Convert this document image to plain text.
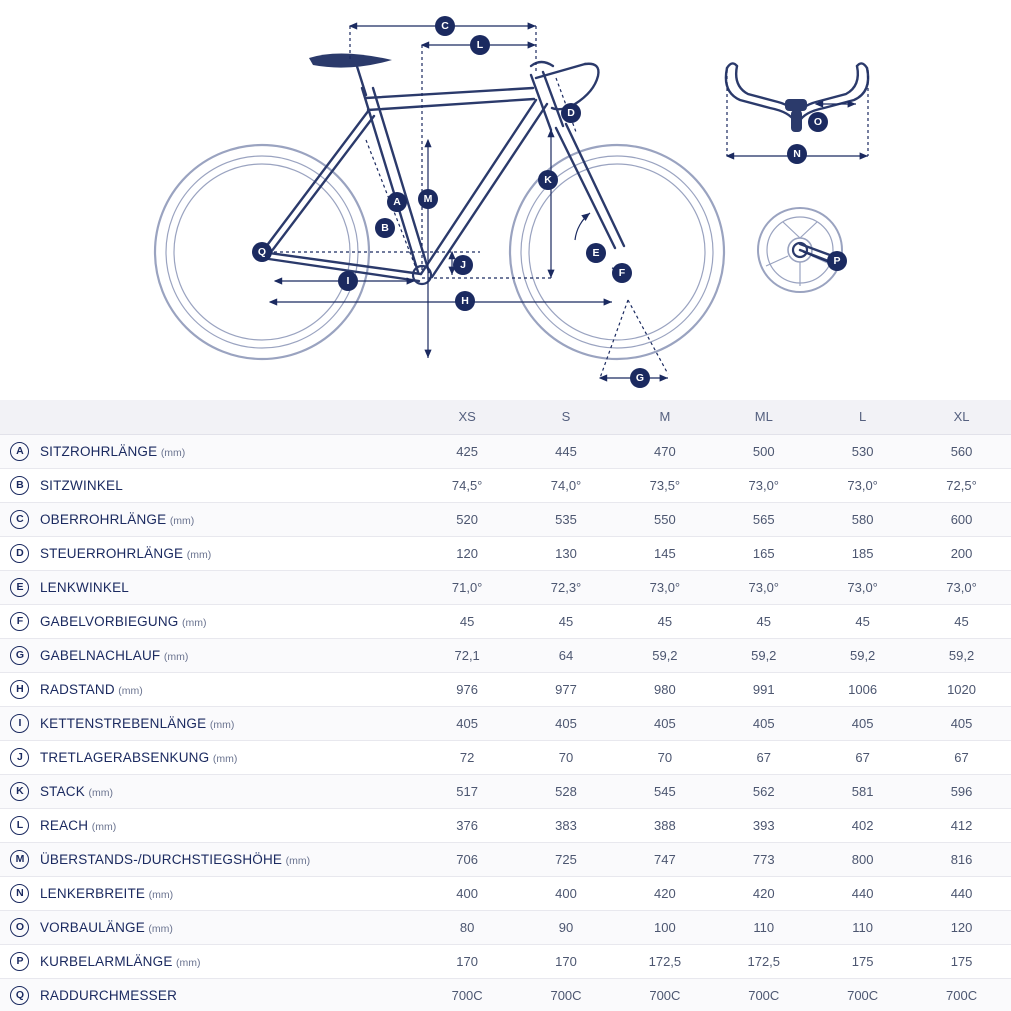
C
L
D
A	M
B
K
Q
J
E
F
I
H
G
O
N
P
		XS	S	M	ML	L	XL
A	SITZROHRLÄNGE (mm)	425	445	470	500	530	560
B	SITZWINKEL	74,5°	74,0°	73,5°	73,0°	73,0°	72,5°
C	OBERROHRLÄNGE (mm)	520	535	550	565	580	600
D	STEUERROHRLÄNGE (mm)	120	130	145	165	185	200
E	LENKWINKEL	71,0°	72,3°	73,0°	73,0°	73,0°	73,0°
F	GABELVORBIEGUNG (mm)	45	45	45	45	45	45
G	GABELNACHLAUF (mm)	72,1	64	59,2	59,2	59,2	59,2
H	RADSTAND (mm)	976	977	980	991	1006	1020
I	KETTENSTREBENLÄNGE (mm)	405	405	405	405	405	405
J	TRETLAGERABSENKUNG (mm)	72	70	70	67	67	67
K	STACK (mm)	517	528	545	562	581	596
L	REACH (mm)	376	383	388	393	402	412
M	ÜBERSTANDS-/DURCHSTIEGSHÖHE (mm)	706	725	747	773	800	816
N	LENKERBREITE (mm)	400	400	420	420	440	440
O	VORBAULÄNGE (mm)	80	90	100	110	110	120
P	KURBELARMLÄNGE (mm)	170	170	172,5	172,5	175	175
Q	RADDURCHMESSER	700C	700C	700C	700C	700C	700C
